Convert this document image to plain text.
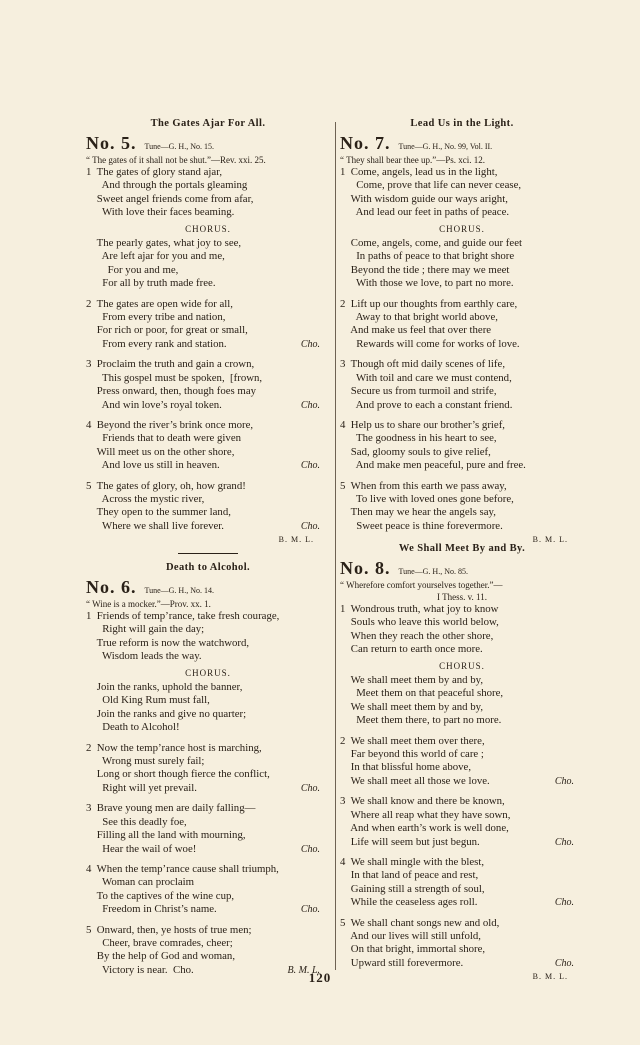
The Gates Ajar For All.
No. 5. Tune—G. H., No. 15.
“ The gates of it shall not be shut.”—Rev. xxi. 25.
1  The gates of glory stand ajar,
And through the portals gleaming
Sweet angel friends come from afar,
With love their faces beaming.
CHORUS.
The pearly gates, what joy to see,
Are left ajar for you and me,
For you and me,
For all by truth made free.
2  The gates are open wide for all,
From every tribe and nation,
For rich or poor, for great or small,
From every rank and station.	Cho.
3  Proclaim the truth and gain a crown,
This gospel must be spoken,  [frown,
Press onward, then, though foes may
And win love’s royal token.	Cho.
4  Beyond the river’s brink once more,
Friends that to death were given
Will meet us on the other shore,
And love us still in heaven.	Cho.
5  The gates of glory, oh, how grand!
Across the mystic river,
They open to the summer land,
Where we shall live forever.	Cho.
B. M. L.
Death to Alcohol.
No. 6. Tune—G. H., No. 14.
“ Wine is a mocker.”—Prov. xx. 1.
1  Friends of temp’rance, take fresh courage,
Right will gain the day;
True reform is now the watchword,
Wisdom leads the way.
CHORUS.
Join the ranks, uphold the banner,
Old King Rum must fall,
Join the ranks and give no quarter;
Death to Alcohol!
2  Now the temp’rance host is marching,
Wrong must surely fail;
Long or short though fierce the conflict,
Right will yet prevail.	Cho.
3  Brave young men are daily falling—
See this deadly foe,
Filling all the land with mourning,
Hear the wail of woe!	Cho.
4  When the temp’rance cause shall triumph,
Woman can proclaim
To the captives of the wine cup,
Freedom in Christ’s name.	Cho.
5  Onward, then, ye hosts of true men;
Cheer, brave comrades, cheer;
By the help of God and woman,
Victory is near.  Cho.	B. M. L.
Lead Us in the Light.
No. 7. Tune—G. H., No. 99, Vol. II.
“ They shall bear thee up.”—Ps. xci. 12.
1  Come, angels, lead us in the light,
Come, prove that life can never cease,
With wisdom guide our ways aright,
And lead our feet in paths of peace.
CHORUS.
Come, angels, come, and guide our feet
In paths of peace to that bright shore
Beyond the tide ; there may we meet
With those we love, to part no more.
2  Lift up our thoughts from earthly care,
Away to that bright world above,
And make us feel that over there
Rewards will come for works of love.
3  Though oft mid daily scenes of life,
With toil and care we must contend,
Secure us from turmoil and strife,
And prove to each a constant friend.
4  Help us to share our brother’s grief,
The goodness in his heart to see,
Sad, gloomy souls to give relief,
And make men peaceful, pure and free.
5  When from this earth we pass away,
To live with loved ones gone before,
Then may we hear the angels say,
Sweet peace is thine forevermore.
B. M. L.
We Shall Meet By and By.
No. 8. Tune—G. H., No. 85.
“ Wherefore comfort yourselves together.”—
I Thess. v. 11.
1  Wondrous truth, what joy to know
Souls who leave this world below,
When they reach the other shore,
Can return to earth once more.
CHORUS.
We shall meet them by and by,
Meet them on that peaceful shore,
We shall meet them by and by,
Meet them there, to part no more.
2  We shall meet them over there,
Far beyond this world of care ;
In that blissful home above,
We shall meet all those we love.	Cho.
3  We shall know and there be known,
Where all reap what they have sown,
And when earth’s work is well done,
Life will seem but just begun.	Cho.
4  We shall mingle with the blest,
In that land of peace and rest,
Gaining still a strength of soul,
While the ceaseless ages roll.	Cho.
5  We shall chant songs new and old,
And our lives will still unfold,
On that bright, immortal shore,
Upward still forevermore.	Cho.
B. M. L.
120
